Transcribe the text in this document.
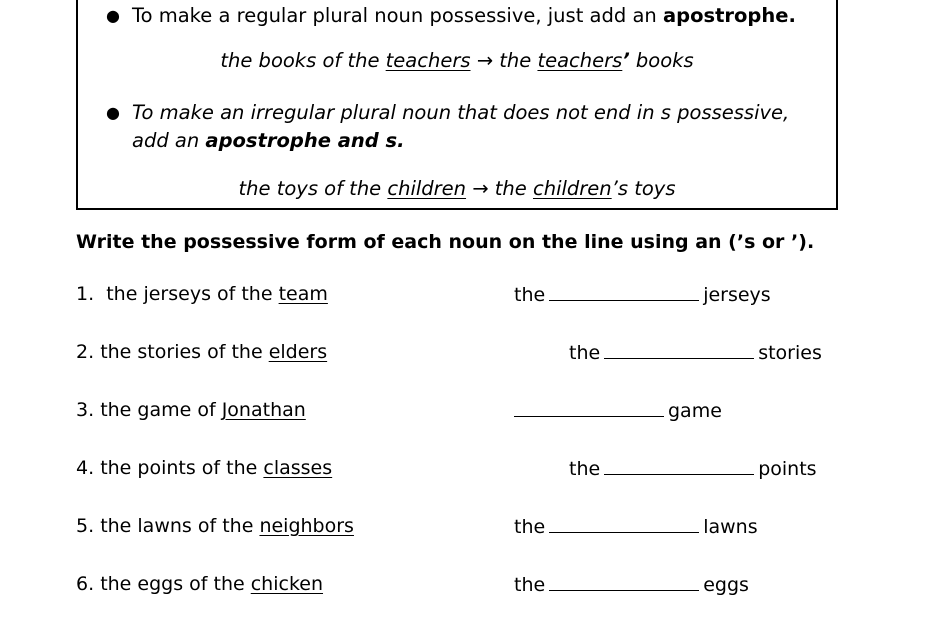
● To make a regular plural noun possessive, just add an apostrophe.
the books of the teachers → the teachers’ books
● To make an irregular plural noun that does not end in s possessive,
add an apostrophe and s.
the toys of the children → the children’s toys
Write the possessive form of each noun on the line using an (’s or ’).
1. the jerseys of the team	the	jerseys
2. the stories of the elders	the	stories
3. the game of Jonathan	game
4. the points of the classes	the	points
5. the lawns of the neighbors	the	lawns
6. the eggs of the chicken	the	eggs
